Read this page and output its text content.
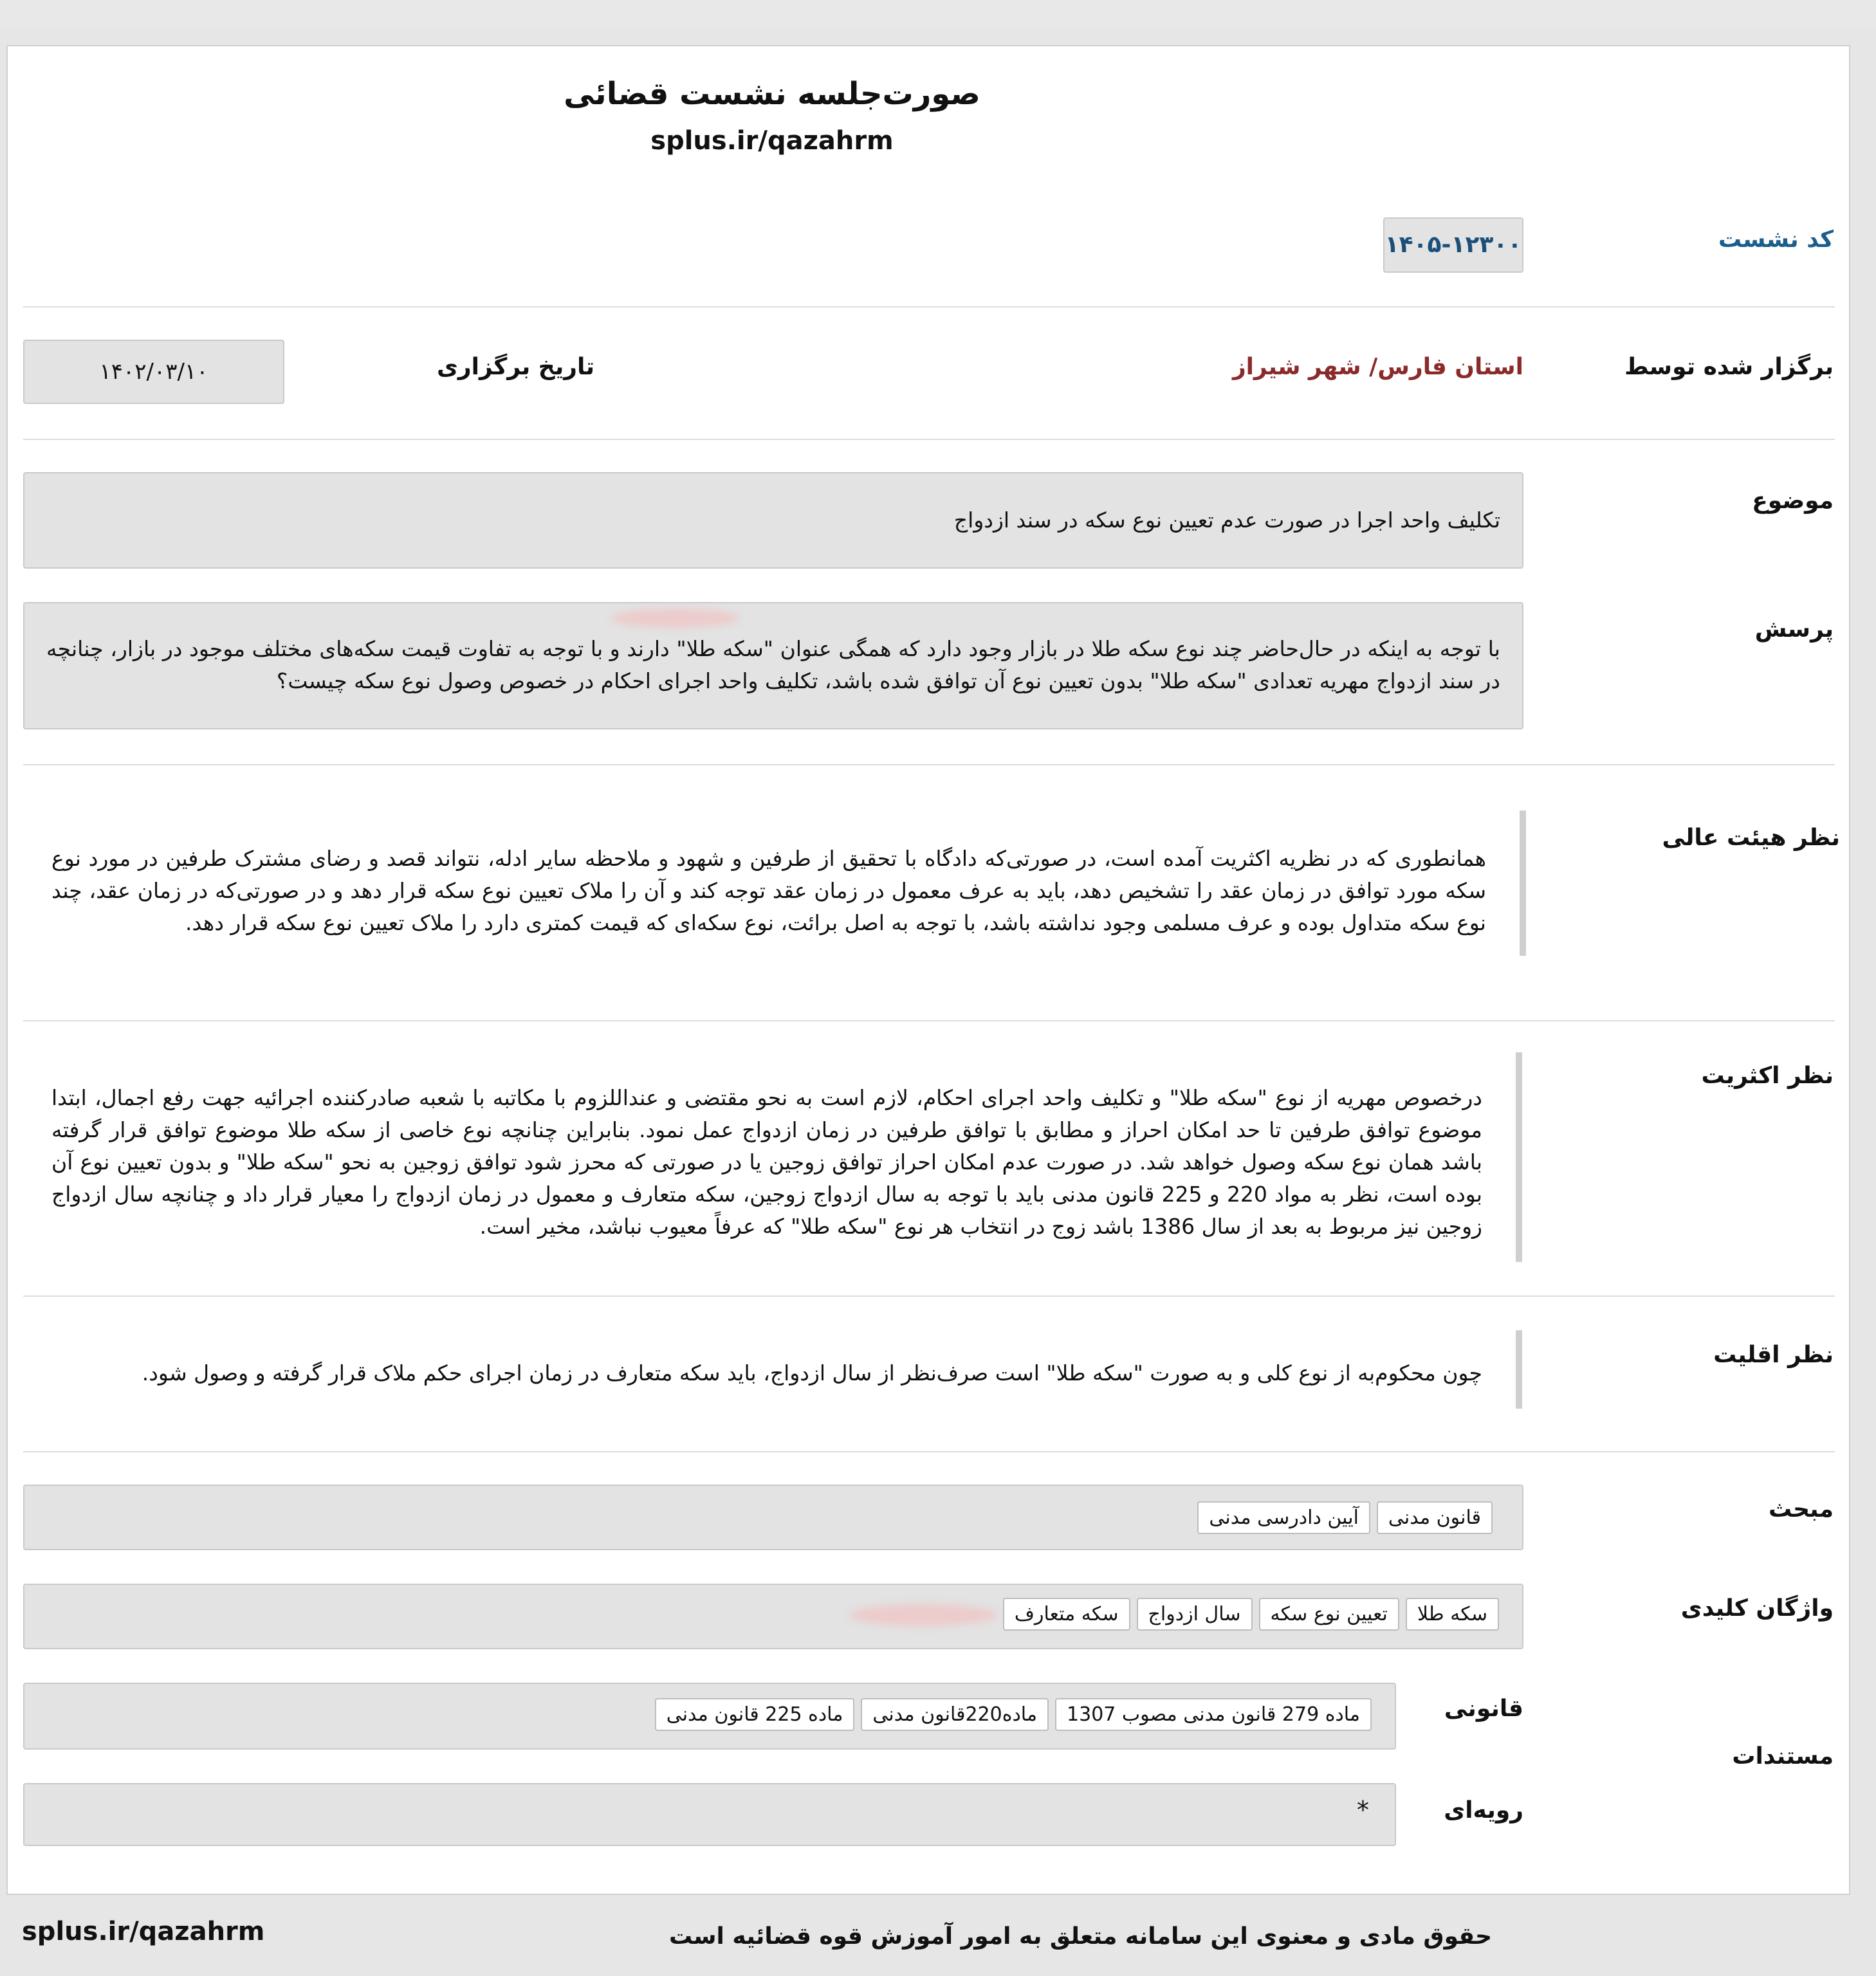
صورت‌جلسه نشست قضائی
splus.ir/qazahrm
کد نشست
۱۴۰۵-۱۲۳۰۰
برگزار شده توسط
استان فارس/ شهر شیراز
تاریخ برگزاری
۱۴۰۲/۰۳/۱۰
موضوع
تکلیف واحد اجرا در صورت عدم تعیین نوع سکه در سند ازدواج
پرسش
با توجه به اینکه در حال‌حاضر چند نوع سکه طلا در بازار وجود دارد که همگی عنوان "سکه طلا" دارند و با توجه به تفاوت قیمت سکه‌های مختلف موجود در بازار، چنانچه در سند ازدواج مهریه تعدادی "سکه طلا" بدون تعیین نوع آن توافق شده باشد، تکلیف واحد اجرای احکام در خصوص وصول نوع سکه چیست؟
نظر هیئت عالی
همانطوری که در نظریه اکثریت آمده است، در صورتی‌که دادگاه با تحقیق از طرفین و شهود و ملاحظه سایر ادله، نتواند قصد و رضای مشترک طرفین در مورد نوع سکه مورد توافق در زمان عقد را تشخیص دهد، باید به عرف معمول در زمان عقد توجه کند و آن را ملاک تعیین نوع سکه قرار دهد و در صورتی‌که در زمان عقد، چند نوع سکه متداول بوده و عرف مسلمی وجود نداشته باشد، با توجه به اصل برائت، نوع سکه‌ای که قیمت کمتری دارد را ملاک تعیین نوع سکه قرار دهد.
نظر اکثریت
درخصوص مهریه از نوع "سکه طلا" و تکلیف واحد اجرای احکام، لازم است به نحو مقتضی و عنداللزوم با مکاتبه با شعبه صادرکننده اجرائیه جهت رفع اجمال، ابتدا موضوع توافق طرفین تا حد امکان احراز و مطابق با توافق طرفین در زمان ازدواج عمل نمود. بنابراین چنانچه نوع خاصی از سکه طلا موضوع توافق قرار گرفته باشد همان نوع سکه وصول خواهد شد. در صورت عدم امکان احراز توافق زوجین یا در صورتی که محرز شود توافق زوجین به نحو "سکه طلا" و بدون تعیین نوع آن بوده است، نظر به مواد 220 و 225 قانون مدنی باید با توجه به سال ازدواج زوجین، سکه متعارف و معمول در زمان ازدواج را معیار قرار داد و چنانچه سال ازدواج زوجین نیز مربوط به بعد از سال 1386 باشد زوج در انتخاب هر نوع "سکه طلا" که عرفاً معیوب نباشد، مخیر است.
نظر اقلیت
چون محکوم‌به از نوع کلی و به صورت "سکه طلا" است صرف‌نظر از سال ازدواج، باید سکه متعارف در زمان اجرای حکم ملاک قرار گرفته و وصول شود.
مبحث
قانون مدنی
آیین دادرسی مدنی
واژگان کلیدی
سکه طلا
تعیین نوع سکه
سال ازدواج
سکه متعارف
مستندات
قانونی
ماده 279 قانون مدنی مصوب 1307
ماده220قانون مدنی
ماده 225 قانون مدنی
رویه‌ای
*
splus.ir/qazahrm	حقوق مادی و معنوی این سامانه متعلق به امور آموزش قوه قضائیه است
